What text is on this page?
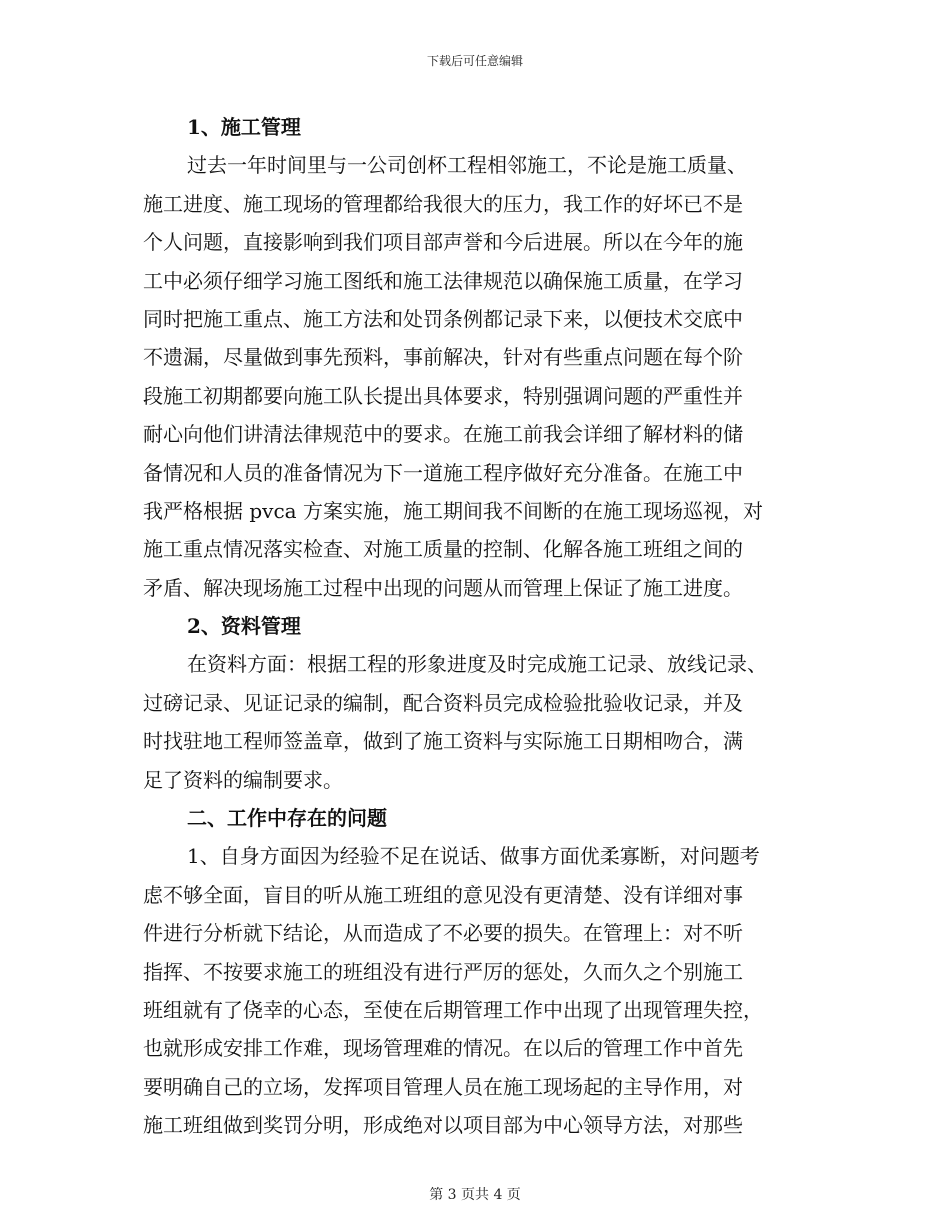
下载后可任意编辑
1、施工管理
过去一年时间里与一公司创杯工程相邻施工，不论是施工质量、
施工进度、施工现场的管理都给我很大的压力，我工作的好坏已不是
个人问题，直接影响到我们项目部声誉和今后进展。所以在今年的施
工中必须仔细学习施工图纸和施工法律规范以确保施工质量，在学习
同时把施工重点、施工方法和处罚条例都记录下来，以便技术交底中
不遗漏，尽量做到事先预料，事前解决，针对有些重点问题在每个阶
段施工初期都要向施工队长提出具体要求，特别强调问题的严重性并
耐心向他们讲清法律规范中的要求。在施工前我会详细了解材料的储
备情况和人员的准备情况为下一道施工程序做好充分准备。在施工中
我严格根据 pvca 方案实施，施工期间我不间断的在施工现场巡视，对
施工重点情况落实检查、对施工质量的控制、化解各施工班组之间的
矛盾、解决现场施工过程中出现的问题从而管理上保证了施工进度。
2、资料管理
在资料方面：根据工程的形象进度及时完成施工记录、放线记录、
过磅记录、见证记录的编制，配合资料员完成检验批验收记录，并及
时找驻地工程师签盖章，做到了施工资料与实际施工日期相吻合，满
足了资料的编制要求。
二、工作中存在的问题
1、自身方面因为经验不足在说话、做事方面优柔寡断，对问题考
虑不够全面，盲目的听从施工班组的意见没有更清楚、没有详细对事
件进行分析就下结论，从而造成了不必要的损失。在管理上：对不听
指挥、不按要求施工的班组没有进行严厉的惩处，久而久之个别施工
班组就有了侥幸的心态，至使在后期管理工作中出现了出现管理失控，
也就形成安排工作难，现场管理难的情况。在以后的管理工作中首先
要明确自己的立场，发挥项目管理人员在施工现场起的主导作用，对
施工班组做到奖罚分明，形成绝对以项目部为中心领导方法，对那些
第 3 页共 4 页
